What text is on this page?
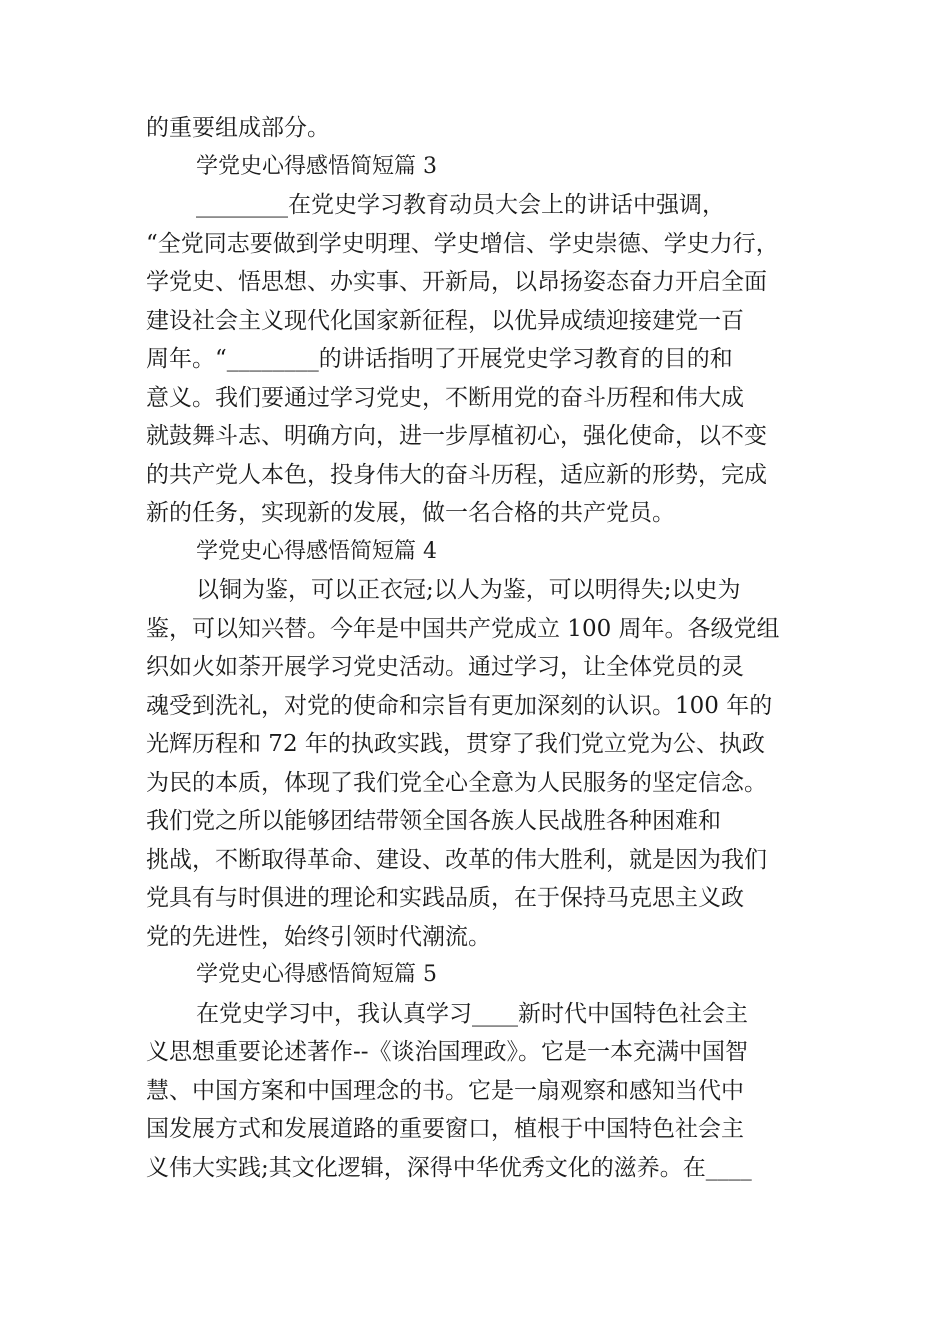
的重要组成部分。
学党史心得感悟简短篇 3
________在党史学习教育动员大会上的讲话中强调，
“全党同志要做到学史明理、学史增信、学史崇德、学史力行，
学党史、悟思想、办实事、开新局，以昂扬姿态奋力开启全面
建设社会主义现代化国家新征程，以优异成绩迎接建党一百
周年。“________的讲话指明了开展党史学习教育的目的和
意义。我们要通过学习党史，不断用党的奋斗历程和伟大成
就鼓舞斗志、明确方向，进一步厚植初心，强化使命，以不变
的共产党人本色，投身伟大的奋斗历程，适应新的形势，完成
新的任务，实现新的发展，做一名合格的共产党员。
学党史心得感悟简短篇 4
以铜为鉴，可以正衣冠;以人为鉴，可以明得失;以史为
鉴，可以知兴替。今年是中国共产党成立 100 周年。各级党组
织如火如荼开展学习党史活动。通过学习，让全体党员的灵
魂受到洗礼，对党的使命和宗旨有更加深刻的认识。100 年的
光辉历程和 72 年的执政实践，贯穿了我们党立党为公、执政
为民的本质，体现了我们党全心全意为人民服务的坚定信念。
我们党之所以能够团结带领全国各族人民战胜各种困难和
挑战，不断取得革命、建设、改革的伟大胜利，就是因为我们
党具有与时俱进的理论和实践品质，在于保持马克思主义政
党的先进性，始终引领时代潮流。
学党史心得感悟简短篇 5
在党史学习中，我认真学习____新时代中国特色社会主
义思想重要论述著作--《谈治国理政》。它是一本充满中国智
慧、中国方案和中国理念的书。它是一扇观察和感知当代中
国发展方式和发展道路的重要窗口，植根于中国特色社会主
义伟大实践;其文化逻辑，深得中华优秀文化的滋养。在____
